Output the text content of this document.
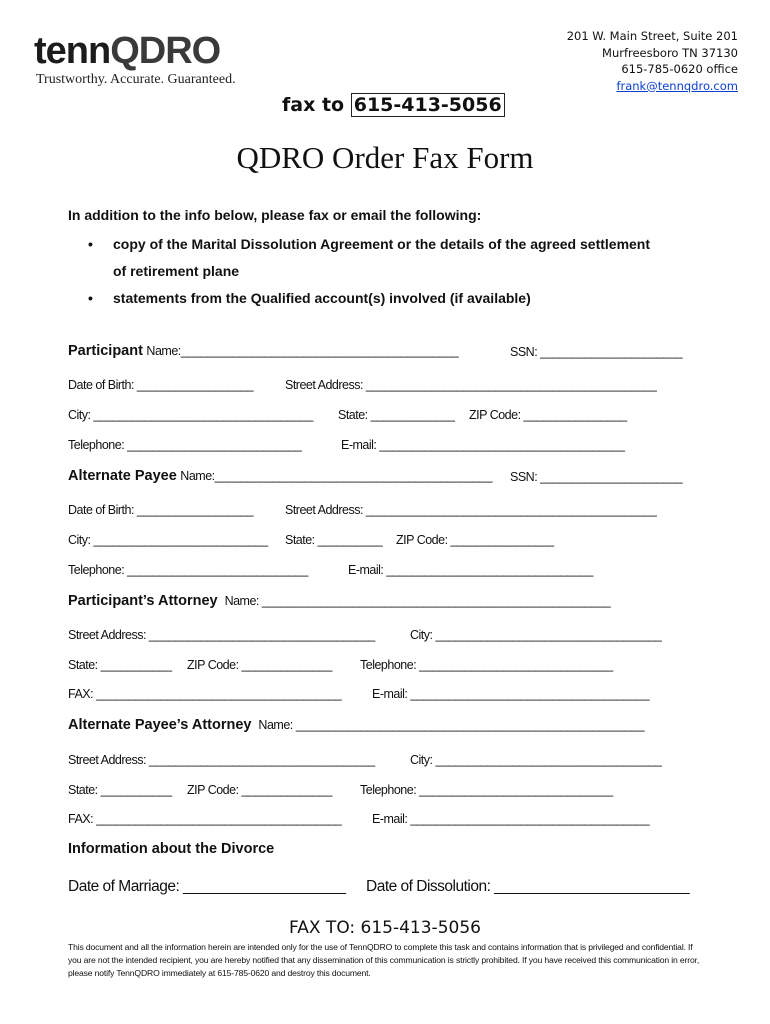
tennQDRO
Trustworthy. Accurate. Guaranteed.
201 W. Main Street, Suite 201
Murfreesboro TN 37130
615-785-0620 office
frank@tennqdro.com
fax to 615-413-5056
QDRO Order Fax Form
In addition to the info below, please fax or email the following:
• copy of the Marital Dissolution Agreement or the details of the agreed settlement
of retirement plane
• statements from the Qualified account(s) involved (if available)
Participant Name:___________________________________________	SSN: ______________________
Date of Birth: __________________	Street Address: _____________________________________________
City: __________________________________ State: _____________ ZIP Code: ________________
Telephone: ___________________________	E-mail: ______________________________________
Alternate Payee Name:___________________________________________ SSN: ______________________
Date of Birth: __________________	Street Address: _____________________________________________
City: ___________________________ State: __________ ZIP Code: ________________
Telephone: ____________________________	E-mail: ________________________________
Participant’s Attorney Name: ______________________________________________________
Street Address: ___________________________________	City: ___________________________________
State: ___________ ZIP Code: ______________ Telephone: ______________________________
FAX: ______________________________________ E-mail: _____________________________________
Alternate Payee’s Attorney Name: ______________________________________________________
Street Address: ___________________________________	City: ___________________________________
State: ___________ ZIP Code: ______________ Telephone: ______________________________
FAX: ______________________________________ E-mail: _____________________________________
Information about the Divorce
Date of Marriage: ____________________ Date of Dissolution: ________________________
FAX TO: 615-413-5056
This document and all the information herein are intended only for the use of TennQDRO to complete this task and contains information that is privileged and confidential. If you are not the intended recipient, you are hereby notified that any dissemination of this communication is strictly prohibited. If you have received this communication in error, please notify TennQDRO immediately at 615-785-0620 and destroy this document.
